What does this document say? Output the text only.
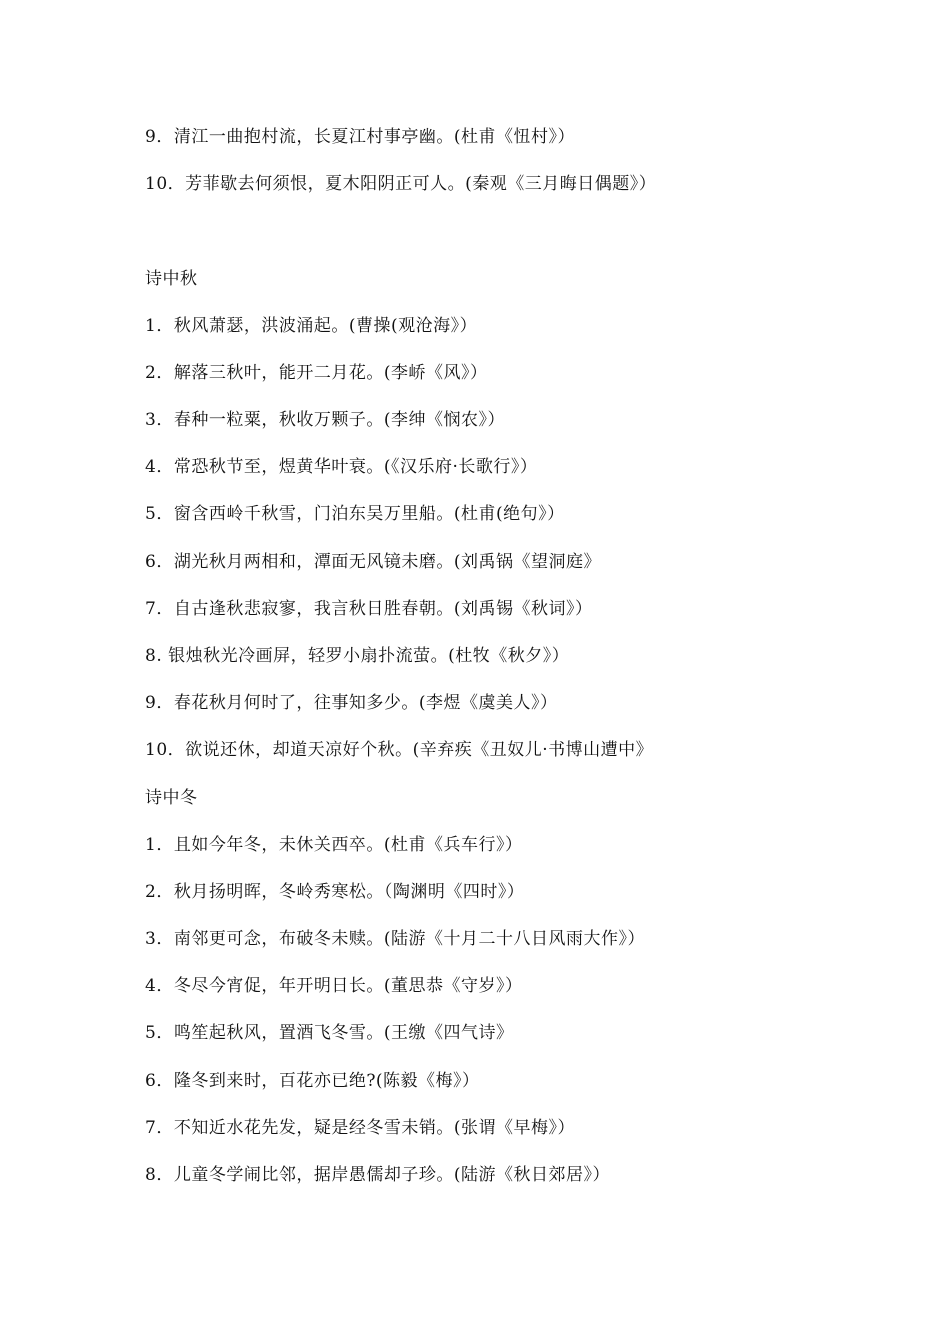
9．清江一曲抱村流，长夏江村事亭幽。(杜甫《忸村》）
10．芳菲歇去何须恨，夏木阳阴正可人。(秦观《三月晦日偶题》）
诗中秋
1．秋风萧瑟，洪波涌起。(曹操(观沧海》）
2．解落三秋叶，能开二月花。(李峤《风》）
3．春种一粒粟，秋收万颗子。(李绅《悯农》）
4．常恐秋节至，煜黄华叶衰。(《汉乐府·长歌行》）
5．窗含西岭千秋雪，门泊东吴万里船。(杜甫(绝句》）
6．湖光秋月两相和，潭面无风镜未磨。(刘禹锅《望洞庭》
7．自古逢秋悲寂寥，我言秋日胜春朝。(刘禹锡《秋词》）
8. 银烛秋光冷画屏，轻罗小扇扑流萤。(杜牧《秋夕》）
9．春花秋月何时了，往事知多少。(李煜《虞美人》）
10．欲说还休，却道天凉好个秋。(辛弃疾《丑奴儿·书博山遭中》
诗中冬
1．且如今年冬，未休关西卒。(杜甫《兵车行》）
2．秋月扬明晖，冬岭秀寒松。（陶渊明《四时》）
3．南邻更可念，布破冬未赎。(陆游《十月二十八日风雨大作》）
4．冬尽今宵促，年开明日长。(董思恭《守岁》）
5．鸣笙起秋风，置酒飞冬雪。(王缴《四气诗》
6．隆冬到来时，百花亦已绝?(陈毅《梅》）
7．不知近水花先发，疑是经冬雪未销。(张谓《早梅》）
8．儿童冬学闹比邻，据岸愚儒却子珍。(陆游《秋日郊居》）
